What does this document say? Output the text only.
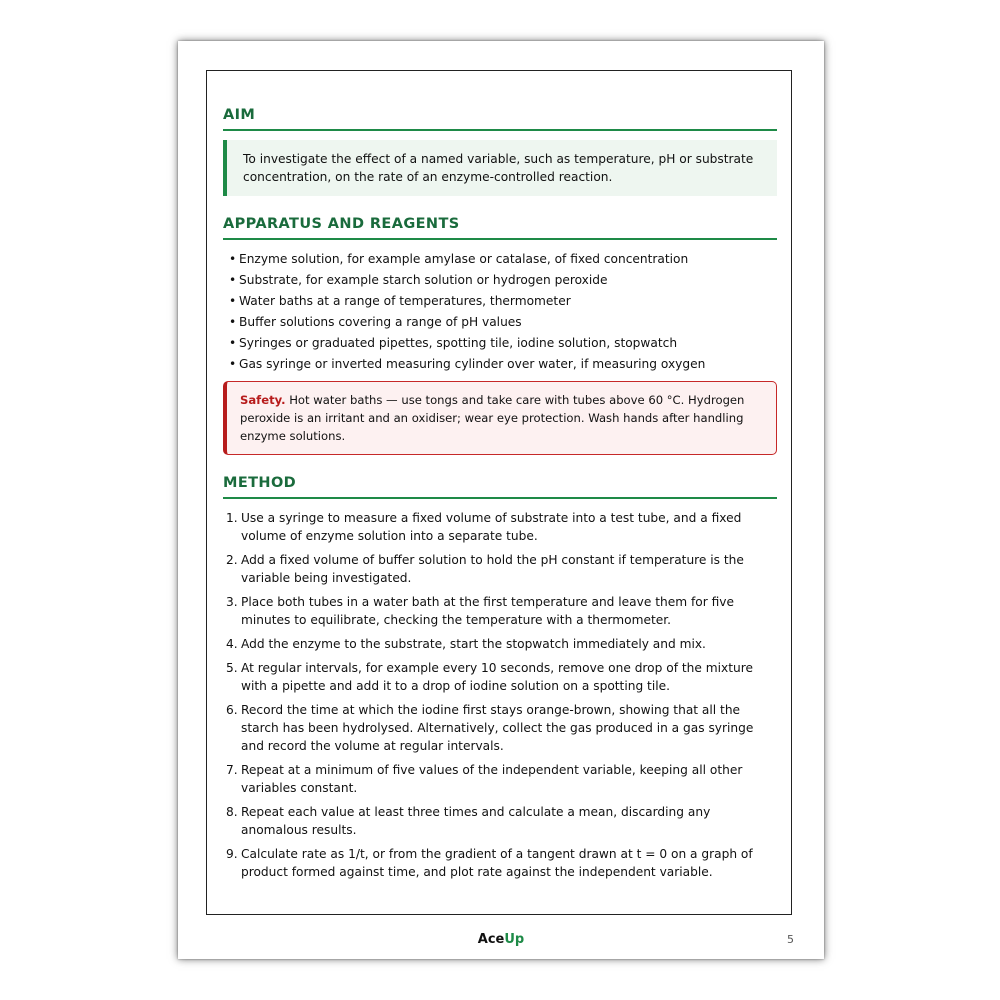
AIM
To investigate the effect of a named variable, such as temperature, pH or substrate concentration, on the rate of an enzyme-controlled reaction.
APPARATUS AND REAGENTS
• Enzyme solution, for example amylase or catalase, of fixed concentration
• Substrate, for example starch solution or hydrogen peroxide
• Water baths at a range of temperatures, thermometer
• Buffer solutions covering a range of pH values
• Syringes or graduated pipettes, spotting tile, iodine solution, stopwatch
• Gas syringe or inverted measuring cylinder over water, if measuring oxygen
Safety. Hot water baths — use tongs and take care with tubes above 60 °C. Hydrogen peroxide is an irritant and an oxidiser; wear eye protection. Wash hands after handling enzyme solutions.
METHOD
1. Use a syringe to measure a fixed volume of substrate into a test tube, and a fixed volume of enzyme solution into a separate tube.
2. Add a fixed volume of buffer solution to hold the pH constant if temperature is the variable being investigated.
3. Place both tubes in a water bath at the first temperature and leave them for five minutes to equilibrate, checking the temperature with a thermometer.
4. Add the enzyme to the substrate, start the stopwatch immediately and mix.
5. At regular intervals, for example every 10 seconds, remove one drop of the mixture with a pipette and add it to a drop of iodine solution on a spotting tile.
6. Record the time at which the iodine first stays orange-brown, showing that all the starch has been hydrolysed. Alternatively, collect the gas produced in a gas syringe and record the volume at regular intervals.
7. Repeat at a minimum of five values of the independent variable, keeping all other variables constant.
8. Repeat each value at least three times and calculate a mean, discarding any anomalous results.
9. Calculate rate as 1/t, or from the gradient of a tangent drawn at t = 0 on a graph of product formed against time, and plot rate against the independent variable.
AceUp	5
